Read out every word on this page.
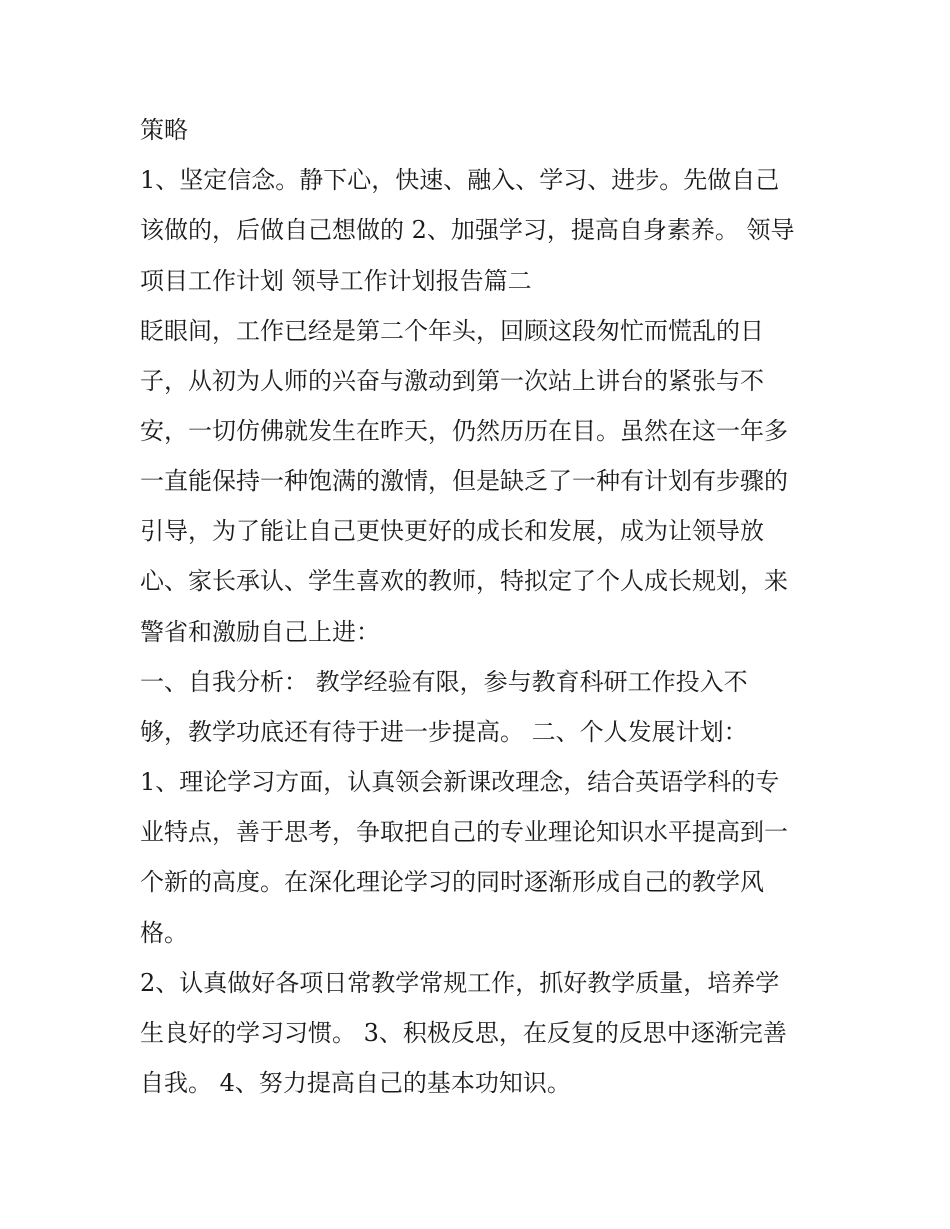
策略

1、坚定信念。静下心，快速、融入、学习、进步。先做自己

该做的，后做自己想做的 2、加强学习，提高自身素养。 领导

项目工作计划 领导工作计划报告篇二

眨眼间，工作已经是第二个年头，回顾这段匆忙而慌乱的日

子，从初为人师的兴奋与激动到第一次站上讲台的紧张与不

安，一切仿佛就发生在昨天，仍然历历在目。虽然在这一年多

一直能保持一种饱满的激情，但是缺乏了一种有计划有步骤的

引导，为了能让自己更快更好的成长和发展，成为让领导放

心、家长承认、学生喜欢的教师，特拟定了个人成长规划，来

警省和激励自己上进：

一、自我分析： 教学经验有限，参与教育科研工作投入不

够，教学功底还有待于进一步提高。 二、个人发展计划：

1、理论学习方面，认真领会新课改理念，结合英语学科的专

业特点，善于思考，争取把自己的专业理论知识水平提高到一

个新的高度。在深化理论学习的同时逐渐形成自己的教学风

格。

2、认真做好各项日常教学常规工作，抓好教学质量，培养学

生良好的学习习惯。 3、积极反思，在反复的反思中逐渐完善

自我。 4、努力提高自己的基本功知识。
